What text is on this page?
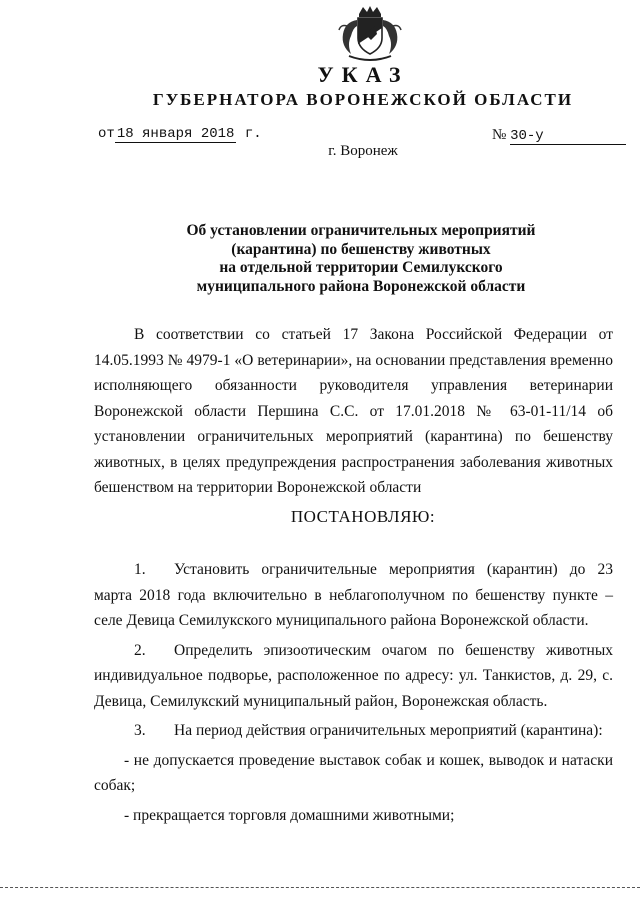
УКАЗ
ГУБЕРНАТОРА ВОРОНЕЖСКОЙ ОБЛАСТИ
от 18 января 2018 г.	№ 30-у
г. Воронеж
Об установлении ограничительных мероприятий
(карантина) по бешенству животных
на отдельной территории Семилукского
муниципального района Воронежской области
В соответствии со статьей 17 Закона Российской Федерации от 14.05.1993 № 4979-1 «О ветеринарии», на основании представления временно исполняющего обязанности руководителя управления ветеринарии Воронежской области Першина С.С. от 17.01.2018 № 63-01-11/14 об установлении ограничительных мероприятий (карантина) по бешенству животных, в целях предупреждения распространения заболевания животных бешенством на территории Воронежской области
ПОСТАНОВЛЯЮ:

1. Установить ограничительные мероприятия (карантин) до 23 марта 2018 года включительно в неблагополучном по бешенству пункте – селе Девица Семилукского муниципального района Воронежской области.

2. Определить эпизоотическим очагом по бешенству животных индивидуальное подворье, расположенное по адресу: ул. Танкистов, д. 29, с. Девица, Семилукский муниципальный район, Воронежская область.

3. На период действия ограничительных мероприятий (карантина):

- не допускается проведение выставок собак и кошек, выводок и натаски собак;

- прекращается торговля домашними животными;
